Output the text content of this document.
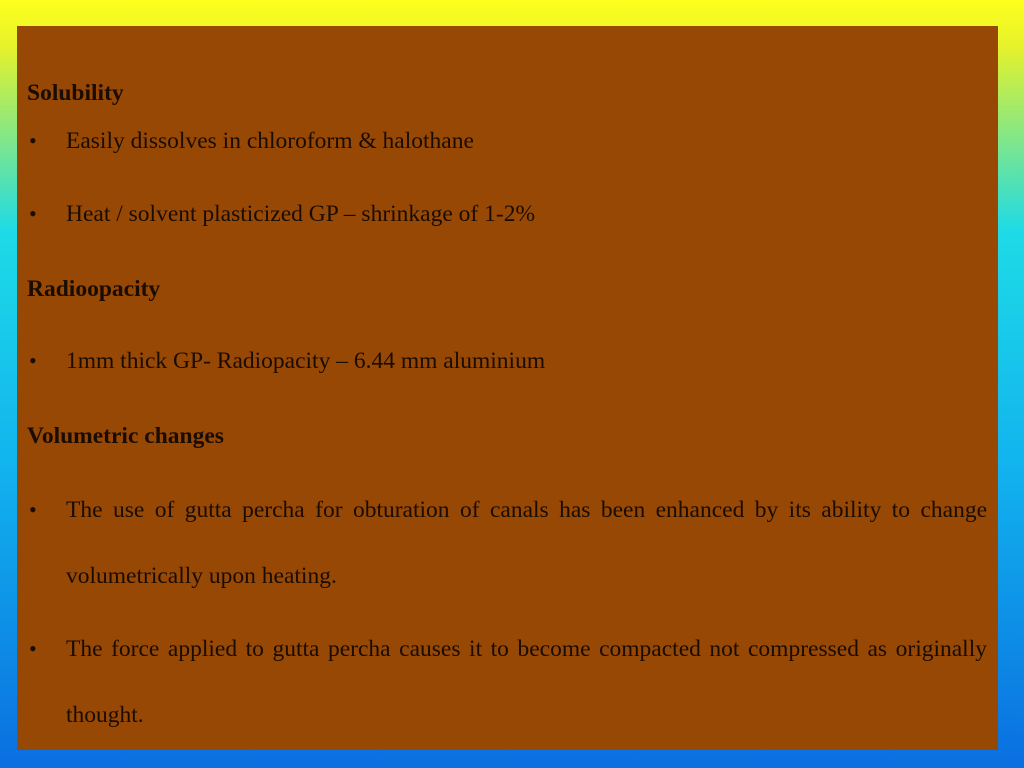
Solubility
• Easily dissolves in chloroform & halothane
• Heat / solvent plasticized GP – shrinkage of 1-2%
Radioopacity
• 1mm thick GP- Radiopacity – 6.44 mm aluminium
Volumetric changes
• The use of gutta percha for obturation of canals has been enhanced by its ability to change volumetrically upon heating.
• The force applied to gutta percha causes it to become compacted not compressed as originally thought.
